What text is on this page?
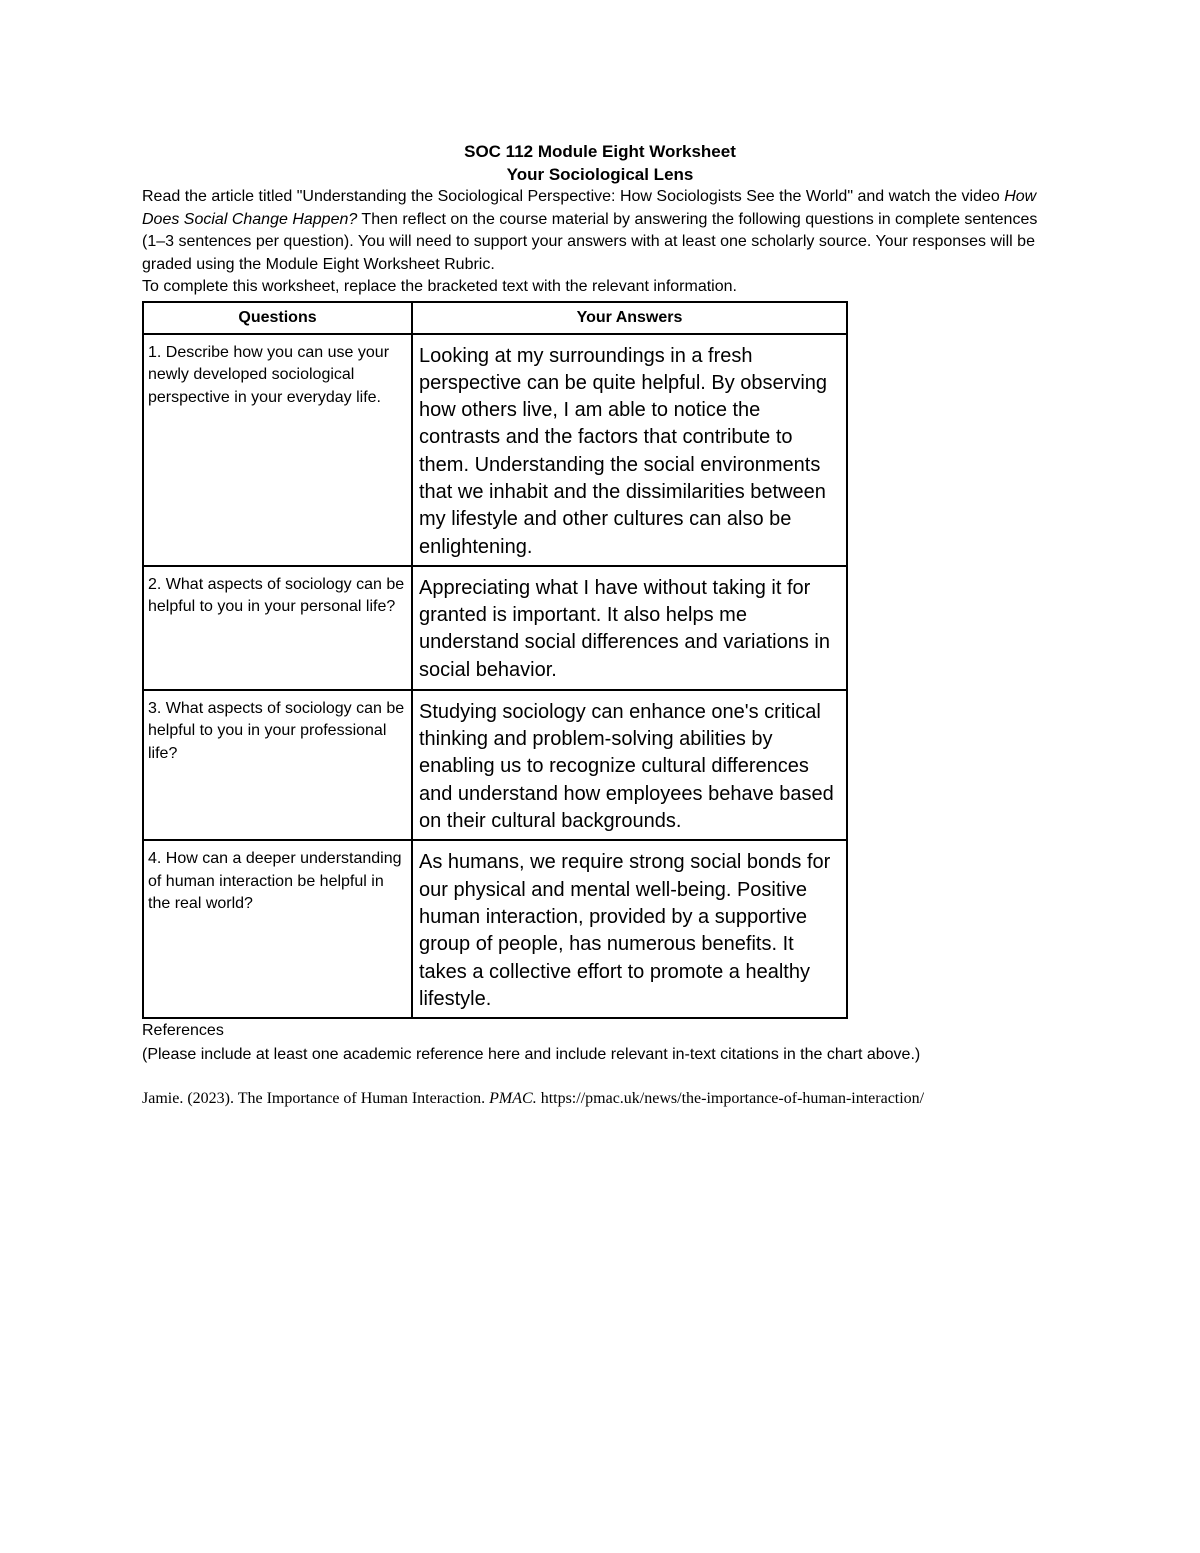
SOC 112 Module Eight Worksheet
Your Sociological Lens
Read the article titled "Understanding the Sociological Perspective: How Sociologists See the World" and watch the video How Does Social Change Happen? Then reflect on the course material by answering the following questions in complete sentences (1–3 sentences per question). You will need to support your answers with at least one scholarly source. Your responses will be graded using the Module Eight Worksheet Rubric.
To complete this worksheet, replace the bracketed text with the relevant information.
Questions	Your Answers
1. Describe how you can use your newly developed sociological perspective in your everyday life.	Looking at my surroundings in a fresh perspective can be quite helpful. By observing how others live, I am able to notice the contrasts and the factors that contribute to them. Understanding the social environments that we inhabit and the dissimilarities between my lifestyle and other cultures can also be enlightening.
2. What aspects of sociology can be helpful to you in your personal life?	Appreciating what I have without taking it for granted is important. It also helps me understand social differences and variations in social behavior.
3. What aspects of sociology can be helpful to you in your professional life?	Studying sociology can enhance one's critical thinking and problem-solving abilities by enabling us to recognize cultural differences and understand how employees behave based on their cultural backgrounds.
4. How can a deeper understanding of human interaction be helpful in the real world?	As humans, we require strong social bonds for our physical and mental well-being. Positive human interaction, provided by a supportive group of people, has numerous benefits. It takes a collective effort to promote a healthy lifestyle.
References
(Please include at least one academic reference here and include relevant in-text citations in the chart above.)
Jamie. (2023). The Importance of Human Interaction. PMAC. https://pmac.uk/news/the-importance-of-human-interaction/
